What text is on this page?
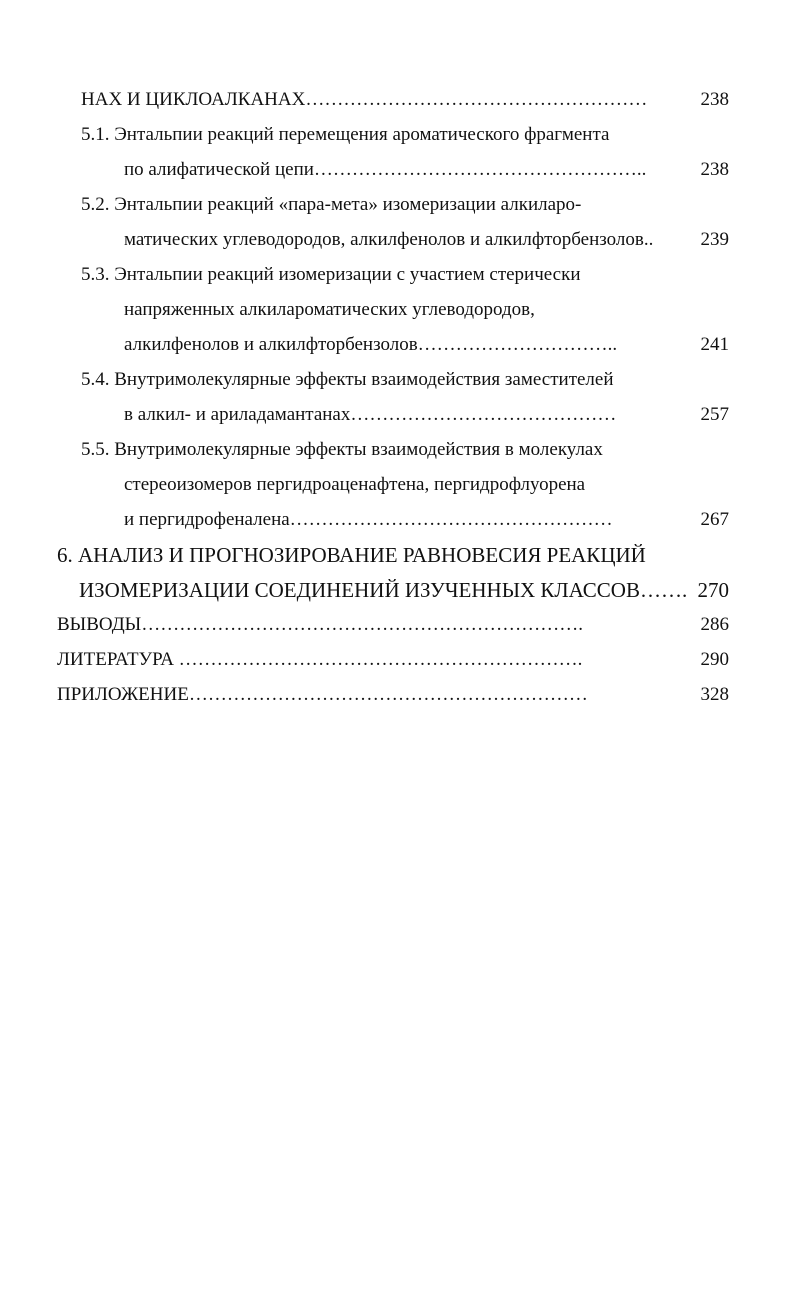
НАХ И ЦИКЛОАЛКАНАХ………………………………………………	238
5.1. Энтальпии реакций перемещения ароматического фрагмента
по алифатической цепи……………………………………………..	238
5.2. Энтальпии реакций «пара-мета» изомеризации алкиларо-
матических углеводородов, алкилфенолов и алкилфторбензолов..	239
5.3. Энтальпии реакций изомеризации с участием стерически
напряженных алкилароматических углеводородов,
алкилфенолов и алкилфторбензолов…………………………..	241
5.4. Внутримолекулярные эффекты взаимодействия заместителей
в алкил- и ариладамантанах……………………………………	257
5.5. Внутримолекулярные эффекты взаимодействия в молекулах
стереоизомеров пергидроаценафтена, пергидрофлуорена
и пергидрофеналена……………………………………………	267
6. АНАЛИЗ И ПРОГНОЗИРОВАНИЕ РАВНОВЕСИЯ РЕАКЦИЙ
ИЗОМЕРИЗАЦИИ СОЕДИНЕНИЙ ИЗУЧЕННЫХ КЛАССОВ……. 270
ВЫВОДЫ…………………………………………………………….	286
ЛИТЕРАТУРА ……………………………………………………….	290
ПРИЛОЖЕНИЕ………………………………………………………	328
